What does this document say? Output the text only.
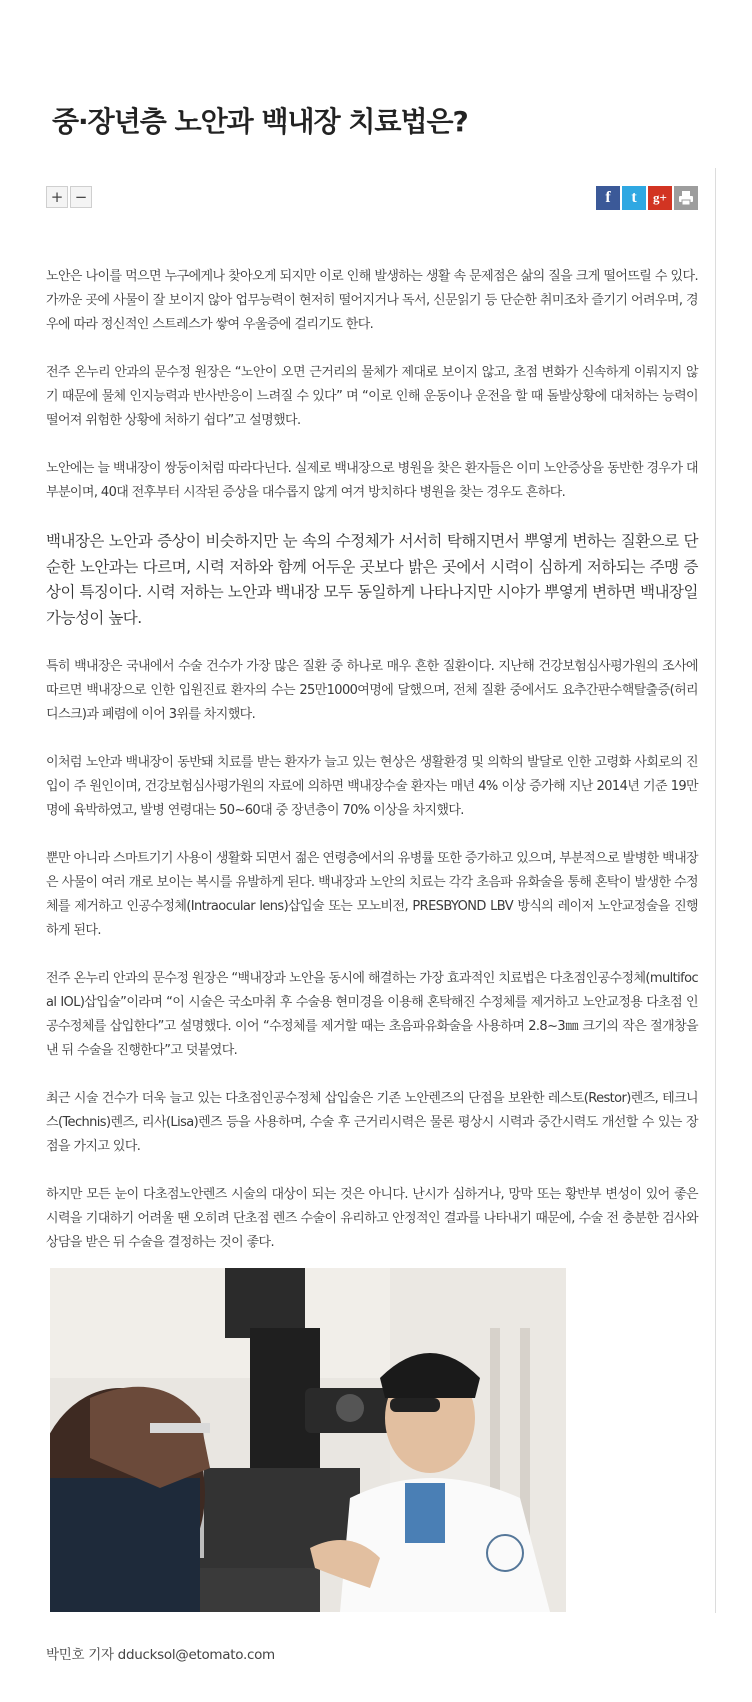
중·장년층 노안과 백내장 치료법은?
+ −	f t g+

노안은 나이를 먹으면 누구에게나 찾아오게 되지만 이로 인해 발생하는 생활 속 문제점은 삶의 질을 크게 떨어뜨릴 수 있다. 가까운 곳에 사물이 잘 보이지 않아 업무능력이 현저히 떨어지거나 독서, 신문읽기 등 단순한 취미조차 즐기기 어려우며, 경우에 따라 정신적인 스트레스가 쌓여 우울증에 걸리기도 한다.

전주 온누리 안과의 문수정 원장은 “노안이 오면 근거리의 물체가 제대로 보이지 않고, 초점 변화가 신속하게 이뤄지지 않기 때문에 물체 인지능력과 반사반응이 느려질 수 있다” 며 “이로 인해 운동이나 운전을 할 때 돌발상황에 대처하는 능력이 떨어져 위험한 상황에 처하기 쉽다”고 설명했다.

노안에는 늘 백내장이 쌍둥이처럼 따라다닌다. 실제로 백내장으로 병원을 찾은 환자들은 이미 노안증상을 동반한 경우가 대부분이며, 40대 전후부터 시작된 증상을 대수롭지 않게 여겨 방치하다 병원을 찾는 경우도 흔하다.

백내장은 노안과 증상이 비슷하지만 눈 속의 수정체가 서서히 탁해지면서 뿌옇게 변하는 질환으로 단순한 노안과는 다르며, 시력 저하와 함께 어두운 곳보다 밝은 곳에서 시력이 심하게 저하되는 주맹 증상이 특징이다. 시력 저하는 노안과 백내장 모두 동일하게 나타나지만 시야가 뿌옇게 변하면 백내장일 가능성이 높다.

특히 백내장은 국내에서 수술 건수가 가장 많은 질환 중 하나로 매우 흔한 질환이다. 지난해 건강보험심사평가원의 조사에 따르면 백내장으로 인한 입원진료 환자의 수는 25만1000여명에 달했으며, 전체 질환 중에서도 요추간판수핵탈출증(허리디스크)과 폐렴에 이어 3위를 차지했다.

이처럼 노안과 백내장이 동반돼 치료를 받는 환자가 늘고 있는 현상은 생활환경 및 의학의 발달로 인한 고령화 사회로의 진입이 주 원인이며, 건강보험심사평가원의 자료에 의하면 백내장수술 환자는 매년 4% 이상 증가해 지난 2014년 기준 19만명에 육박하였고, 발병 연령대는 50~60대 중 장년층이 70% 이상을 차지했다.

뿐만 아니라 스마트기기 사용이 생활화 되면서 젊은 연령층에서의 유병률 또한 증가하고 있으며, 부분적으로 발병한 백내장은 사물이 여러 개로 보이는 복시를 유발하게 된다. 백내장과 노안의 치료는 각각 초음파 유화술을 통해 혼탁이 발생한 수정체를 제거하고 인공수정체(Intraocular lens)삽입술 또는 모노비전, PRESBYOND LBV 방식의 레이저 노안교정술을 진행하게 된다.

전주 온누리 안과의 문수정 원장은 “백내장과 노안을 동시에 해결하는 가장 효과적인 치료법은 다초점인공수정체(multifocal IOL)삽입술”이라며 “이 시술은 국소마취 후 수술용 현미경을 이용해 혼탁해진 수정체를 제거하고 노안교정용 다초점 인공수정체를 삽입한다”고 설명했다. 이어 “수정체를 제거할 때는 초음파유화술을 사용하며 2.8~3㎜ 크기의 작은 절개창을 낸 뒤 수술을 진행한다”고 덧붙였다.

최근 시술 건수가 더욱 늘고 있는 다초점인공수정체 삽입술은 기존 노안렌즈의 단점을 보완한 레스토(Restor)렌즈, 테크니스(Technis)렌즈, 리사(Lisa)렌즈 등을 사용하며, 수술 후 근거리시력은 물론 평상시 시력과 중간시력도 개선할 수 있는 장점을 가지고 있다.

하지만 모든 눈이 다초점노안렌즈 시술의 대상이 되는 것은 아니다. 난시가 심하거나, 망막 또는 황반부 변성이 있어 좋은 시력을 기대하기 어려울 땐 오히려 단초점 렌즈 수술이 유리하고 안정적인 결과를 나타내기 때문에, 수술 전 충분한 검사와 상담을 받은 뒤 수술을 결정하는 것이 좋다.

박민호 기자 dducksol@etomato.com
